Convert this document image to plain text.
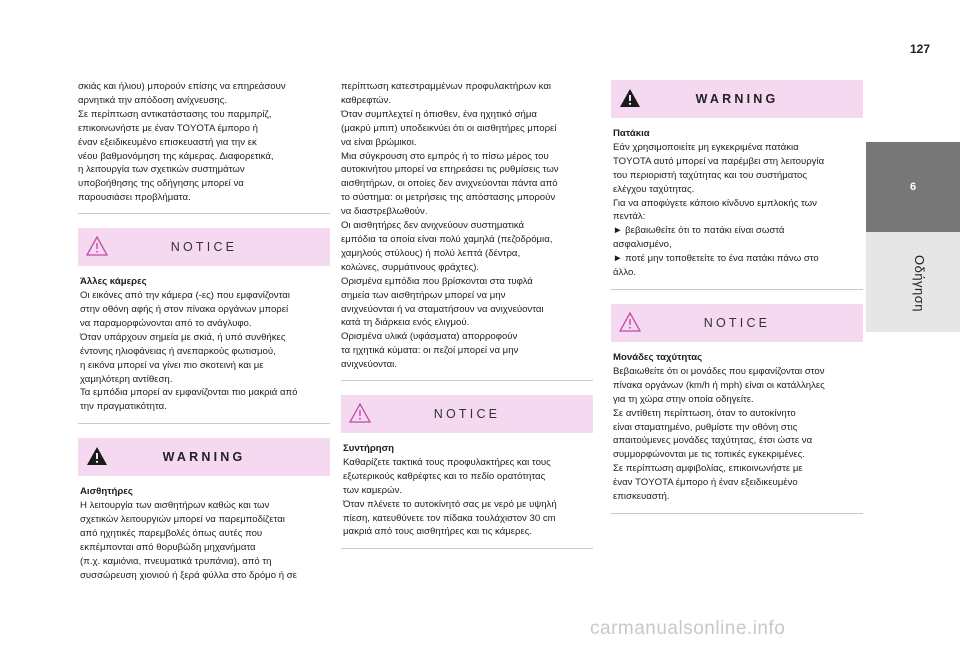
127
σκιάς και ήλιου) μπορούν επίσης να επηρεάσουν
αρνητικά την απόδοση ανίχνευσης.
Σε περίπτωση αντικατάστασης του παρμπρίζ,
επικοινωνήστε με έναν TOYOTA έμπορο ή
έναν εξειδικευμένο επισκευαστή για την εκ
νέου βαθμονόμηση της κάμερας. Διαφορετικά,
η λειτουργία των σχετικών συστημάτων
υποβοήθησης της οδήγησης μπορεί να
παρουσιάσει προβλήματα.
NOTICE
Άλλες κάμερες
Οι εικόνες από την κάμερα (-ες) που εμφανίζονται
στην οθόνη αφής ή στον πίνακα οργάνων μπορεί
να παραμορφώνονται από το ανάγλυφο.
Όταν υπάρχουν σημεία με σκιά, ή υπό συνθήκες
έντονης ηλιοφάνειας ή ανεπαρκούς φωτισμού,
η εικόνα μπορεί να γίνει πιο σκοτεινή και με
χαμηλότερη αντίθεση.
Τα εμπόδια μπορεί αν εμφανίζονται πιο μακριά από
την πραγματικότητα.
WARNING
Αισθητήρες
Η λειτουργία των αισθητήρων καθώς και των
σχετικών λειτουργιών μπορεί να παρεμποδίζεται
από ηχητικές παρεμβολές όπως αυτές που
εκπέμπονται από θορυβώδη μηχανήματα
(π.χ. καμιόνια, πνευματικά τρυπάνια), από τη
συσσώρευση χιονιού ή ξερά φύλλα στο δρόμο ή σε
περίπτωση κατεστραμμένων προφυλακτήρων και
καθρεφτών.
Όταν συμπλεχτεί η όπισθεν, ένα ηχητικό σήμα
(μακρύ μπιπ) υποδεικνύει ότι οι αισθητήρες μπορεί
να είναι βρώμικοι.
Μια σύγκρουση στο εμπρός ή το πίσω μέρος του
αυτοκινήτου μπορεί να επηρεάσει τις ρυθμίσεις των
αισθητήρων, οι οποίες δεν ανιχνεύονται πάντα από
το σύστημα: οι μετρήσεις της απόστασης μπορούν
να διαστρεβλωθούν.
Οι αισθητήρες δεν ανιχνεύουν συστηματικά
εμπόδια τα οποία είναι πολύ χαμηλά (πεζοδρόμια,
χαμηλούς στύλους) ή πολύ λεπτά (δέντρα,
κολώνες, συρμάτινους φράχτες).
Ορισμένα εμπόδια που βρίσκονται στα τυφλά
σημεία των αισθητήρων μπορεί να μην
ανιχνεύονται ή να σταματήσουν να ανιχνεύονται
κατά τη διάρκεια ενός ελιγμού.
Ορισμένα υλικά (υφάσματα) απορροφούν
τα ηχητικά κύματα: οι πεζοί μπορεί να μην
ανιχνεύονται.
NOTICE
Συντήρηση
Καθαρίζετε τακτικά τους προφυλακτήρες και τους
εξωτερικούς καθρέφτες και το πεδίο ορατότητας
των καμερών.
Όταν πλένετε το αυτοκίνητό σας με νερό με υψηλή
πίεση, κατευθύνετε τον πίδακα τουλάχιστον 30 cm
μακριά από τους αισθητήρες και τις κάμερες.
WARNING
Πατάκια
Εάν χρησιμοποιείτε μη εγκεκριμένα πατάκια
TOYOTA αυτό μπορεί να παρέμβει στη λειτουργία
του περιοριστή ταχύτητας και του συστήματος
ελέγχου ταχύτητας.
Για να αποφύγετε κάποιο κίνδυνο εμπλοκής των
πεντάλ:
► βεβαιωθείτε ότι το πατάκι είναι σωστά
ασφαλισμένο,
► ποτέ μην τοποθετείτε το ένα πατάκι πάνω στο
άλλο.
NOTICE
Μονάδες ταχύτητας
Βεβαιωθείτε ότι οι μονάδες που εμφανίζονται στον
πίνακα οργάνων (km/h ή mph) είναι οι κατάλληλες
για τη χώρα στην οποία οδηγείτε.
Σε αντίθετη περίπτωση, όταν το αυτοκίνητο
είναι σταματημένο, ρυθμίστε την οθόνη στις
απαιτούμενες μονάδες ταχύτητας, έτσι ώστε να
συμμορφώνονται με τις τοπικές εγκεκριμένες.
Σε περίπτωση αμφιβολίας, επικοινωνήστε με
έναν TOYOTA έμπορο ή έναν εξειδικευμένο
επισκευαστή.
6
Οδήγηση
carmanualsonline.info
